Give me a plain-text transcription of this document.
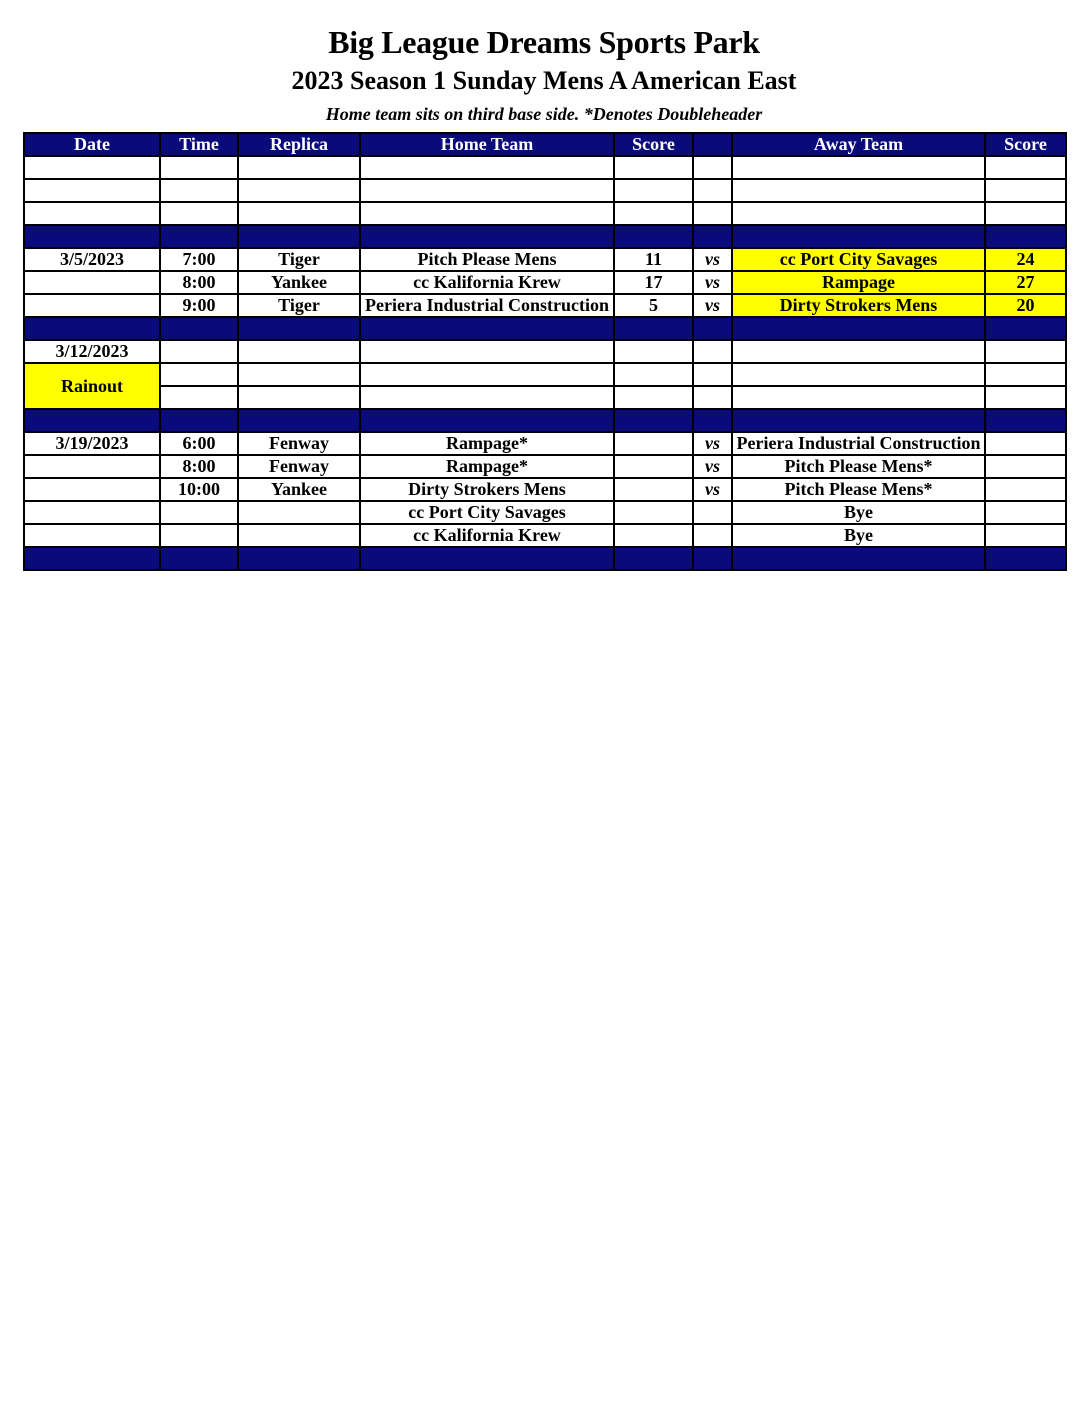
Big League Dreams Sports Park
2023 Season 1 Sunday Mens A American East
Home team sits on third base side. *Denotes Doubleheader
Date	Time	Replica	Home Team	Score		Away Team	Score

3/5/2023	7:00	Tiger	Pitch Please Mens	11	vs	cc Port City Savages	24
	8:00	Yankee	cc Kalifornia Krew	17	vs	Rampage	27
	9:00	Tiger	Periera Industrial Construction	5	vs	Dirty Strokers Mens	20

3/12/2023							
Rainout							

3/19/2023	6:00	Fenway	Rampage*		vs	Periera Industrial Construction	
	8:00	Fenway	Rampage*		vs	Pitch Please Mens*	
	10:00	Yankee	Dirty Strokers Mens		vs	Pitch Please Mens*	
			cc Port City Savages			Bye	
			cc Kalifornia Krew			Bye	
